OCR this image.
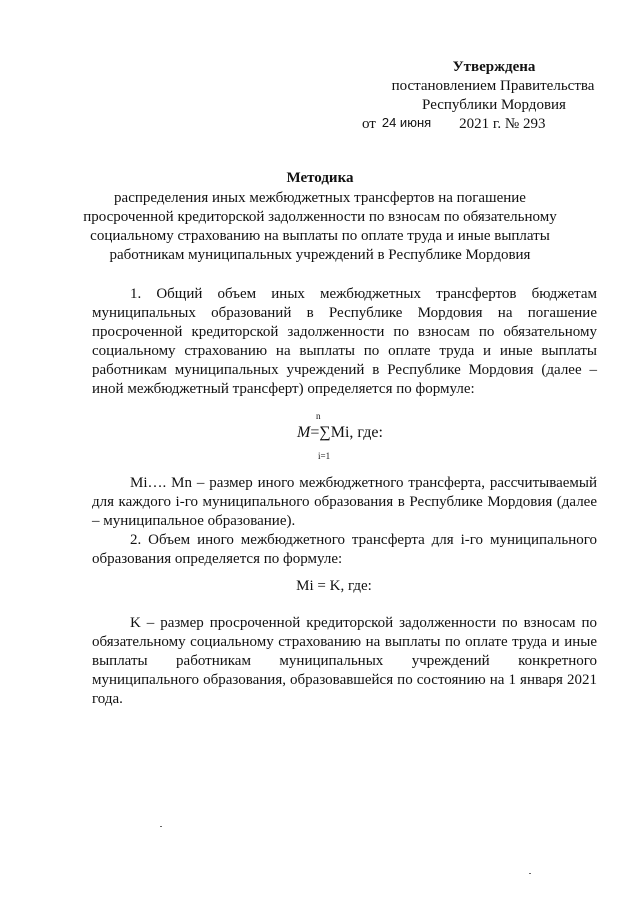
Утверждена
постановлением Правительства
Республики Мордовия
от 24 июня 2021 г. № 293
Методика
распределения иных межбюджетных трансфертов на погашение
просроченной кредиторской задолженности по взносам по обязательному
социальному страхованию на выплаты по оплате труда и иные выплаты
работникам муниципальных учреждений в Республике Мордовия

1. Общий объем иных межбюджетных трансфертов бюджетам муниципальных образований в Республике Мордовия на погашение просроченной кредиторской задолженности по взносам по обязательному социальному страхованию на выплаты по оплате труда и иные выплаты работникам муниципальных учреждений в Республике Мордовия (далее – иной межбюджетный трансферт) определяется по формуле:

n
M=∑Mi, где:
i=1

Mi…. Mn – размер иного межбюджетного трансферта, рассчитываемый для каждого i-го муниципального образования в Республике Мордовия (далее – муниципальное образование).

2. Объем иного межбюджетного трансферта для i-го муниципального образования определяется по формуле:

Mi = K, где:

K – размер просроченной кредиторской задолженности по взносам по обязательному социальному страхованию на выплаты по оплате труда и иные выплаты работникам муниципальных учреждений конкретного муниципального образования, образовавшейся по состоянию на 1 января 2021 года.
